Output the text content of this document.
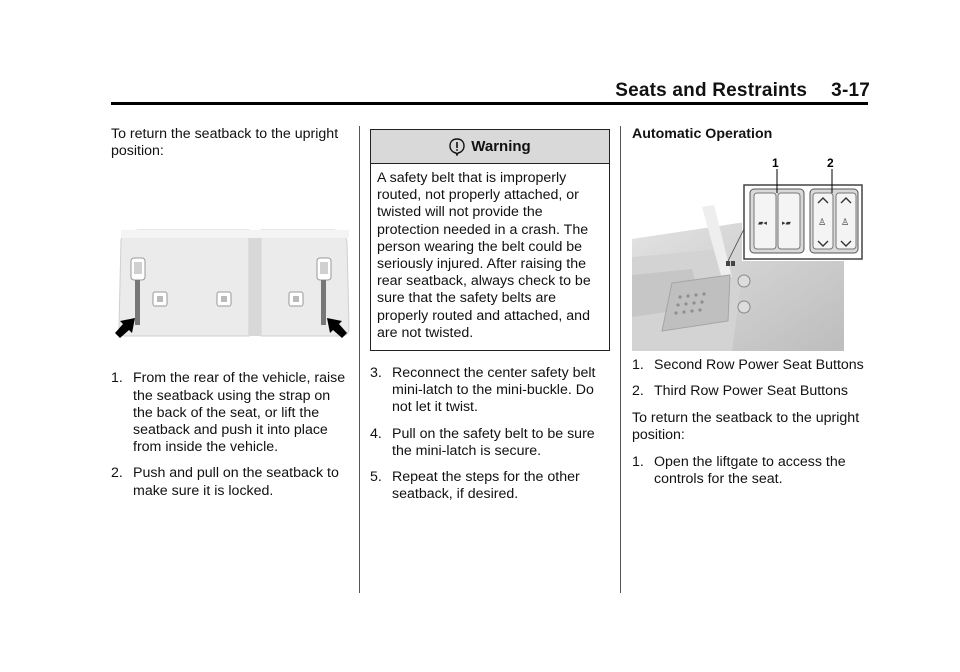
Seats and Restraints 3-17

To return the seatback to the upright position:

1. From the rear of the vehicle, raise the seatback using the strap on the back of the seat, or lift the seatback and push it into place from inside the vehicle.
2. Push and pull on the seatback to make sure it is locked.
Warning

A safety belt that is improperly routed, not properly attached, or twisted will not provide the protection needed in a crash. The person wearing the belt could be seriously injured. After raising the rear seatback, always check to be sure that the safety belts are properly routed and attached, and are not twisted.

3. Reconnect the center safety belt mini-latch to the mini-buckle. Do not let it twist.
4. Pull on the safety belt to be sure the mini-latch is secure.
5. Repeat the steps for the other seatback, if desired.

Automatic Operation

▰◂ ▸▰	♙ ♙
1	2
1. Second Row Power Seat Buttons
2. Third Row Power Seat Buttons

To return the seatback to the upright position:

1. Open the liftgate to access the controls for the seat.
